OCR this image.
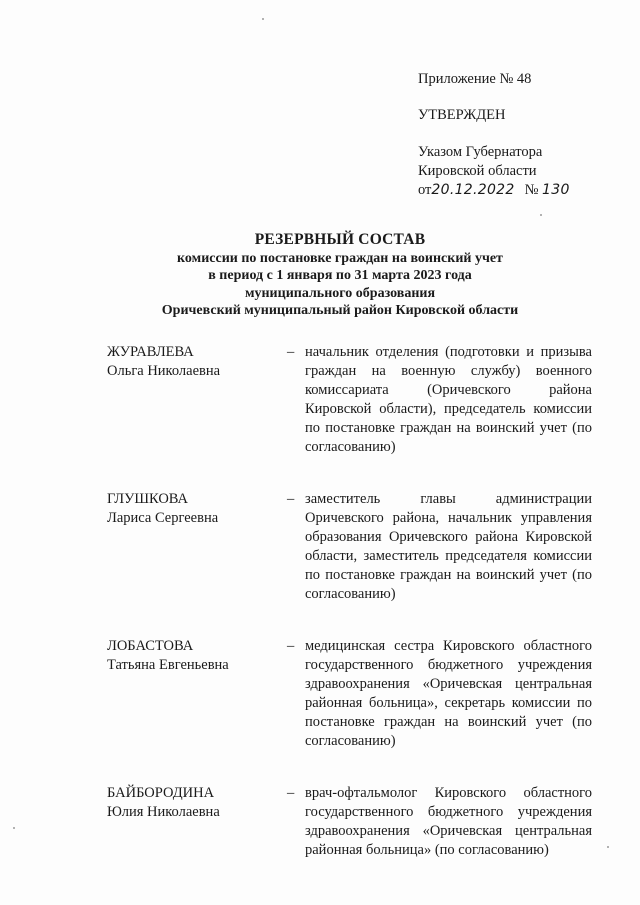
Приложение № 48
УТВЕРЖДЕН
Указом Губернатора
Кировской области
от20.12.2022 № 130
РЕЗЕРВНЫЙ СОСТАВ
комиссии по постановке граждан на воинский учет
в период с 1 января по 31 марта 2023 года
муниципального образования
Оричевский муниципальный район Кировской области
ЖУРАВЛЕВА
Ольга Николаевна
– начальник отделения (подготовки и призыва граждан на военную службу) военного комиссариата (Оричевского района Кировской области), председатель комиссии по постановке граждан на воинский учет (по согласованию)
ГЛУШКОВА
Лариса Сергеевна
– заместитель главы администрации Оричевского района, начальник управления образования Оричевского района Кировской области, заместитель председателя комиссии по постановке граждан на воинский учет (по согласованию)
ЛОБАСТОВА
Татьяна Евгеньевна
– медицинская сестра Кировского областного государственного бюджетного учреждения здравоохранения «Оричевская центральная районная больница», секретарь комиссии по постановке граждан на воинский учет (по согласованию)
БАЙБОРОДИНА
Юлия Николаевна
– врач-офтальмолог Кировского областного государственного бюджетного учреждения здравоохранения «Оричевская центральная районная больница» (по согласованию)
